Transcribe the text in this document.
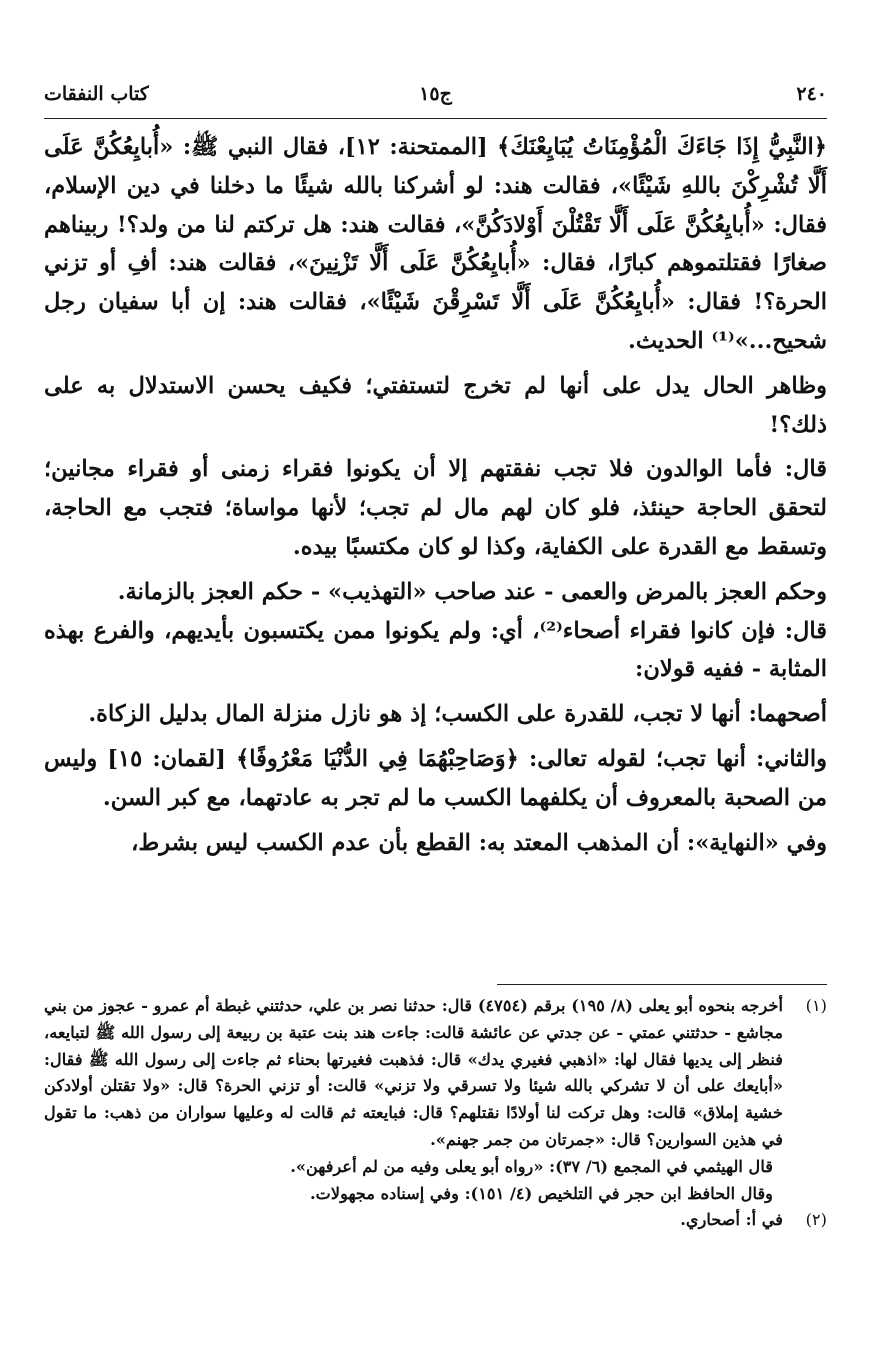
٢٤٠
ج١٥
كتاب النفقات

﴿النَّبِيُّ إِذَا جَاءَكَ الْمُؤْمِنَاتُ يُبَايِعْنَكَ﴾ [الممتحنة: ١٢]، فقال النبي ﷺ: «أُبايِعُكُنَّ عَلَى أَلَّا تُشْرِكْنَ باللهِ شَيْئًا»، فقالت هند: لو أشركنا بالله شيئًا ما دخلنا في دين الإسلام، فقال: «أُبايِعُكُنَّ عَلَى أَلَّا تَقْتُلْنَ أَوْلادَكُنَّ»، فقالت هند: هل تركتم لنا من ولد؟! ربيناهم صغارًا فقتلتموهم كبارًا، فقال: «أُبايِعُكُنَّ عَلَى أَلَّا تَزْنِينَ»، فقالت هند: أفِ أو تزني الحرة؟! فقال: «أُبايِعُكُنَّ عَلَى أَلَّا تَسْرِقْنَ شَيْئًا»، فقالت هند: إن أبا سفيان رجل شحيح...»⁽¹⁾ الحديث.

وظاهر الحال يدل على أنها لم تخرج لتستفتي؛ فكيف يحسن الاستدلال به على ذلك؟!

قال: فأما الوالدون فلا تجب نفقتهم إلا أن يكونوا فقراء زمنى أو فقراء مجانين؛ لتحقق الحاجة حينئذ، فلو كان لهم مال لم تجب؛ لأنها مواساة؛ فتجب مع الحاجة، وتسقط مع القدرة على الكفاية، وكذا لو كان مكتسبًا بيده.

وحكم العجز بالمرض والعمى - عند صاحب «التهذيب» - حكم العجز بالزمانة.

قال: فإن كانوا فقراء أصحاء⁽²⁾، أي: ولم يكونوا ممن يكتسبون بأيديهم، والفرع بهذه المثابة - ففيه قولان:

أصحهما: أنها لا تجب، للقدرة على الكسب؛ إذ هو نازل منزلة المال بدليل الزكاة.

والثاني: أنها تجب؛ لقوله تعالى: ﴿وَصَاحِبْهُمَا فِي الدُّنْيَا مَعْرُوفًا﴾ [لقمان: ١٥] وليس من الصحبة بالمعروف أن يكلفهما الكسب ما لم تجر به عادتهما، مع كبر السن.

وفي «النهاية»: أن المذهب المعتد به: القطع بأن عدم الكسب ليس بشرط،

(١)

أخرجه بنحوه أبو يعلى (٨/ ١٩٥) برقم (٤٧٥٤) قال: حدثنا نصر بن علي، حدثتني غبطة أم عمرو - عجوز من بني مجاشع - حدثتني عمتي - عن جدتي عن عائشة قالت: جاءت هند بنت عتبة بن ربيعة إلى رسول الله ﷺ لتبايعه، فنظر إلى يديها فقال لها: «اذهبي فغيري يدك» قال: فذهبت فغيرتها بحناء ثم جاءت إلى رسول الله ﷺ فقال: «أبايعك على أن لا تشركي بالله شيئا ولا تسرقي ولا تزني» قالت: أو تزني الحرة؟ قال: «ولا تقتلن أولادكن خشية إملاق» قالت: وهل تركت لنا أولادًا نقتلهم؟ قال: فبايعته ثم قالت له وعليها سواران من ذهب: ما تقول في هذين السوارين؟ قال: «جمرتان من جمر جهنم».

قال الهيثمي في المجمع (٦/ ٣٧): «رواه أبو يعلى وفيه من لم أعرفهن».

وقال الحافظ ابن حجر في التلخيص (٤/ ١٥١): وفي إسناده مجهولات.

(٢)

في أ: أصحاري.
